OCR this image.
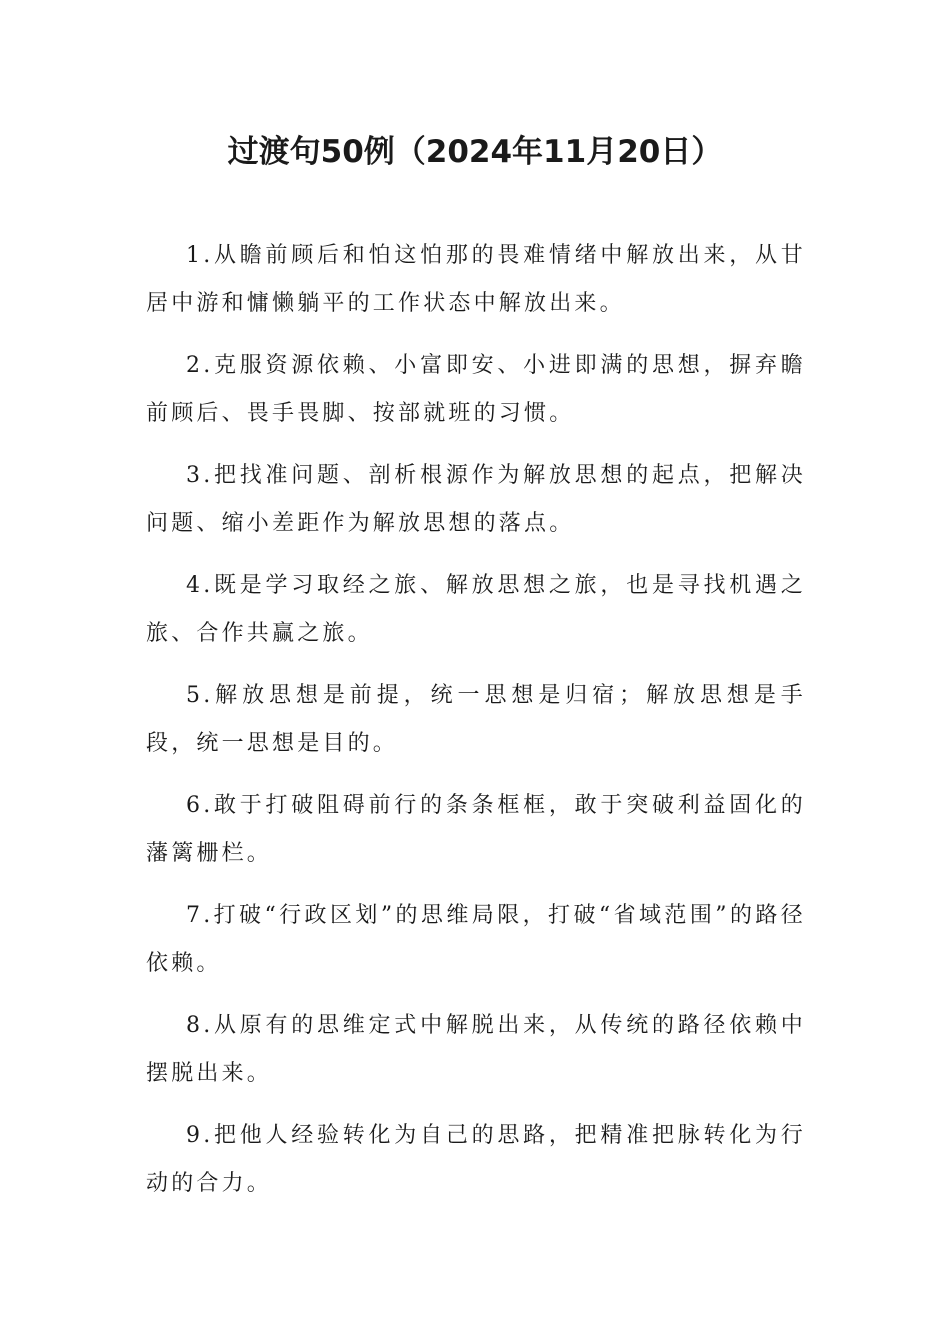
过渡句50例（2024年11月20日）

1.从瞻前顾后和怕这怕那的畏难情绪中解放出来，从甘居中游和慵懒躺平的工作状态中解放出来。

2.克服资源依赖、小富即安、小进即满的思想，摒弃瞻前顾后、畏手畏脚、按部就班的习惯。

3.把找准问题、剖析根源作为解放思想的起点，把解决问题、缩小差距作为解放思想的落点。

4.既是学习取经之旅、解放思想之旅，也是寻找机遇之旅、合作共赢之旅。

5.解放思想是前提，统一思想是归宿；解放思想是手段，统一思想是目的。

6.敢于打破阻碍前行的条条框框，敢于突破利益固化的藩篱栅栏。

7.打破“行政区划”的思维局限，打破“省域范围”的路径依赖。

8.从原有的思维定式中解脱出来，从传统的路径依赖中摆脱出来。

9.把他人经验转化为自己的思路，把精准把脉转化为行动的合力。
